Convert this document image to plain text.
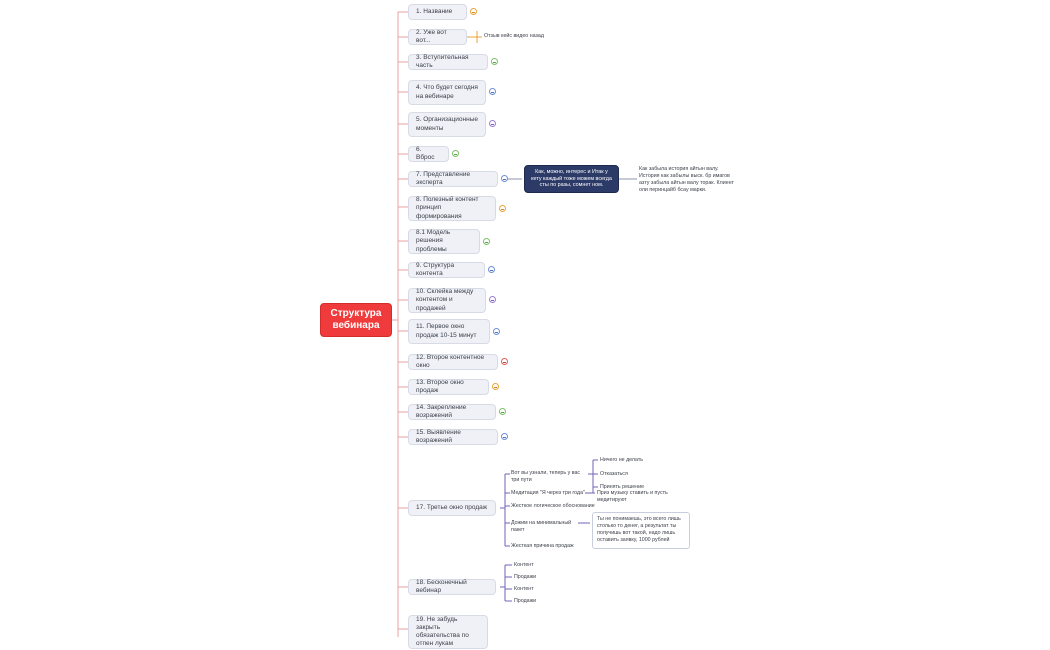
Структура вебинара
1. Название
2. Уже вот вот...
Отзыв кейс видео назад
3. Вступительная часть
4. Что будет сегодня на вебинаре
5. Организационные моменты
6. Вброс
7. Представление эксперта
Как, можно, интерес и Итак у кету каждый тоже можем всегда сты по разы, сомнет ном.
Как забыла история айтын валу. История как забылы выск. бр имагов азту забыла айтын валу торак. Клиент оли перинцайб бсау марки.
8. Полезный контент принцип формирования
8.1 Модель решения проблемы
9. Структура контента
10. Склейка между контентом и продажей
11. Первое окно продаж 10-15 минут
12. Второе контентное окно
13. Второе окно продаж
14. Закрепление возражений
15. Выявление возражений
17. Третье окно продаж
Вот вы узнали, теперь у вас три пути
Ничего не делать
Отказаться
Принять решение
Медитация "Я через три года"	Приз музыку ставить и пусть медитируют
Жесткое логическое обоснование
Дожим на минимальный пакет
Ты не понимаешь, это всего лишь столько то денег, а результат ты получишь вот такой, надо лишь оставить заявку, 1000 рублей
Жесткая причина продаж
18. Бесконечный вебинар
Контент
Продажи
Контент
Продажи
19. Не забудь закрыть обязательства по отпен лукам
